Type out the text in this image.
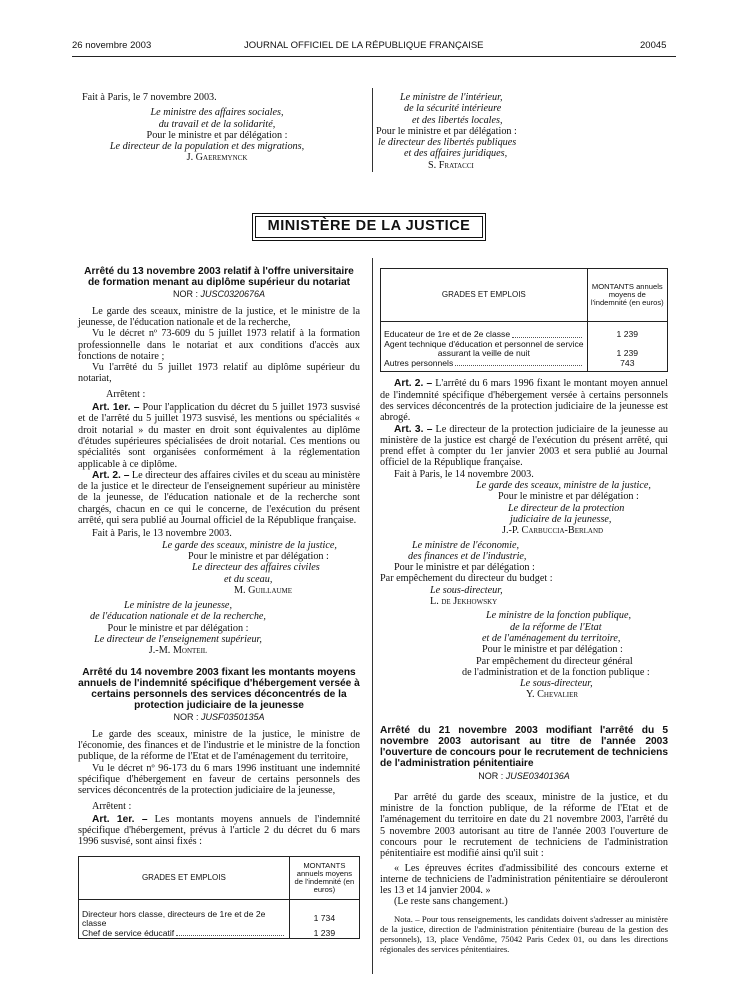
26 novembre 2003	JOURNAL OFFICIEL DE LA RÉPUBLIQUE FRANÇAISE	20045

Fait à Paris, le 7 novembre 2003.

Le ministre des affaires sociales,

du travail et de la solidarité,

Pour le ministre et par délégation :

Le directeur de la population et des migrations,

J. Gaeremynck

Le ministre de l'intérieur,

de la sécurité intérieure

et des libertés locales,

Pour le ministre et par délégation :

le directeur des libertés publiques

et des affaires juridiques,

S. Fratacci

MINISTÈRE DE LA JUSTICE

Arrêté du 13 novembre 2003 relatif à l'offre universitaire de formation menant au diplôme supérieur du notariat

NOR : JUSC0320676A

Le garde des sceaux, ministre de la justice, et le ministre de la jeunesse, de l'éducation nationale et de la recherche,

Vu le décret nº 73-609 du 5 juillet 1973 relatif à la formation professionnelle dans le notariat et aux conditions d'accès aux fonctions de notaire ;

Vu l'arrêté du 5 juillet 1973 relatif au diplôme supérieur du notariat,

Arrêtent :

Art. 1er. – Pour l'application du décret du 5 juillet 1973 susvisé et de l'arrêté du 5 juillet 1973 susvisé, les mentions ou spécialités « droit notarial » du master en droit sont équivalentes au diplôme d'études supérieures spécialisées de droit notarial. Ces mentions ou spécialités sont organisées conformément à la réglementation applicable à ce diplôme.

Art. 2. – Le directeur des affaires civiles et du sceau au ministère de la justice et le directeur de l'enseignement supérieur au ministère de la jeunesse, de l'éducation nationale et de la recherche sont chargés, chacun en ce qui le concerne, de l'exécution du présent arrêté, qui sera publié au Journal officiel de la République française.

Fait à Paris, le 13 novembre 2003.

Le garde des sceaux, ministre de la justice,

Pour le ministre et par délégation :

Le directeur des affaires civiles

et du sceau,

M. Guillaume

Le ministre de la jeunesse,

de l'éducation nationale et de la recherche,

Pour le ministre et par délégation :

Le directeur de l'enseignement supérieur,

J.-M. Monteil

Arrêté du 14 novembre 2003 fixant les montants moyens annuels de l'indemnité spécifique d'hébergement versée à certains personnels des services déconcentrés de la protection judiciaire de la jeunesse

NOR : JUSF0350135A

Le garde des sceaux, ministre de la justice, le ministre de l'économie, des finances et de l'industrie et le ministre de la fonction publique, de la réforme de l'Etat et de l'aménagement du territoire,

Vu le décret nº 96-173 du 6 mars 1996 instituant une indemnité spécifique d'hébergement en faveur de certains personnels des services déconcentrés de la protection judiciaire de la jeunesse,

Arrêtent :

Art. 1er. – Les montants moyens annuels de l'indemnité spécifique d'hébergement, prévus à l'article 2 du décret du 6 mars 1996 susvisé, sont ainsi fixés :

GRADES ET EMPLOIS	MONTANTS annuels moyens de l'indemnité (en euros)

Directeur hors classe, directeurs de 1re et de 2e classe	1 734

Chef de service éducatif	1 239
GRADES ET EMPLOIS	MONTANTS annuels moyens de l'indemnité (en euros)

Educateur de 1re et de 2e classe	1 239
Agent technique d'éducation et personnel de service assurant la veille de nuit	1 239

Autres personnels	743

Art. 2. – L'arrêté du 6 mars 1996 fixant le montant moyen annuel de l'indemnité spécifique d'hébergement versée à certains personnels des services déconcentrés de la protection judiciaire de la jeunesse est abrogé.

Art. 3. – Le directeur de la protection judiciaire de la jeunesse au ministère de la justice est chargé de l'exécution du présent arrêté, qui prend effet à compter du 1er janvier 2003 et sera publié au Journal officiel de la République française.

Fait à Paris, le 14 novembre 2003.

Le garde des sceaux, ministre de la justice,

Pour le ministre et par délégation :

Le directeur de la protection

judiciaire de la jeunesse,

J.-P. Carbuccia-Berland

Le ministre de l'économie,

des finances et de l'industrie,

Pour le ministre et par délégation :

Par empêchement du directeur du budget :

Le sous-directeur,

L. de Jekhowsky

Le ministre de la fonction publique,

de la réforme de l'Etat

et de l'aménagement du territoire,

Pour le ministre et par délégation :

Par empêchement du directeur général

de l'administration et de la fonction publique :

Le sous-directeur,

Y. Chevalier

Arrêté du 21 novembre 2003 modifiant l'arrêté du 5 novembre 2003 autorisant au titre de l'année 2003 l'ouverture de concours pour le recrutement de techniciens de l'administration pénitentiaire

NOR : JUSE0340136A

Par arrêté du garde des sceaux, ministre de la justice, et du ministre de la fonction publique, de la réforme de l'Etat et de l'aménagement du territoire en date du 21 novembre 2003, l'arrêté du 5 novembre 2003 autorisant au titre de l'année 2003 l'ouverture de concours pour le recrutement de techniciens de l'administration pénitentiaire est modifié ainsi qu'il suit :

« Les épreuves écrites d'admissibilité des concours externe et interne de techniciens de l'administration pénitentiaire se dérouleront les 13 et 14 janvier 2004. »

(Le reste sans changement.)

Nota. – Pour tous renseignements, les candidats doivent s'adresser au ministère de la justice, direction de l'administration pénitentiaire (bureau de la gestion des personnels), 13, place Vendôme, 75042 Paris Cedex 01, ou dans les directions régionales des services pénitentiaires.
